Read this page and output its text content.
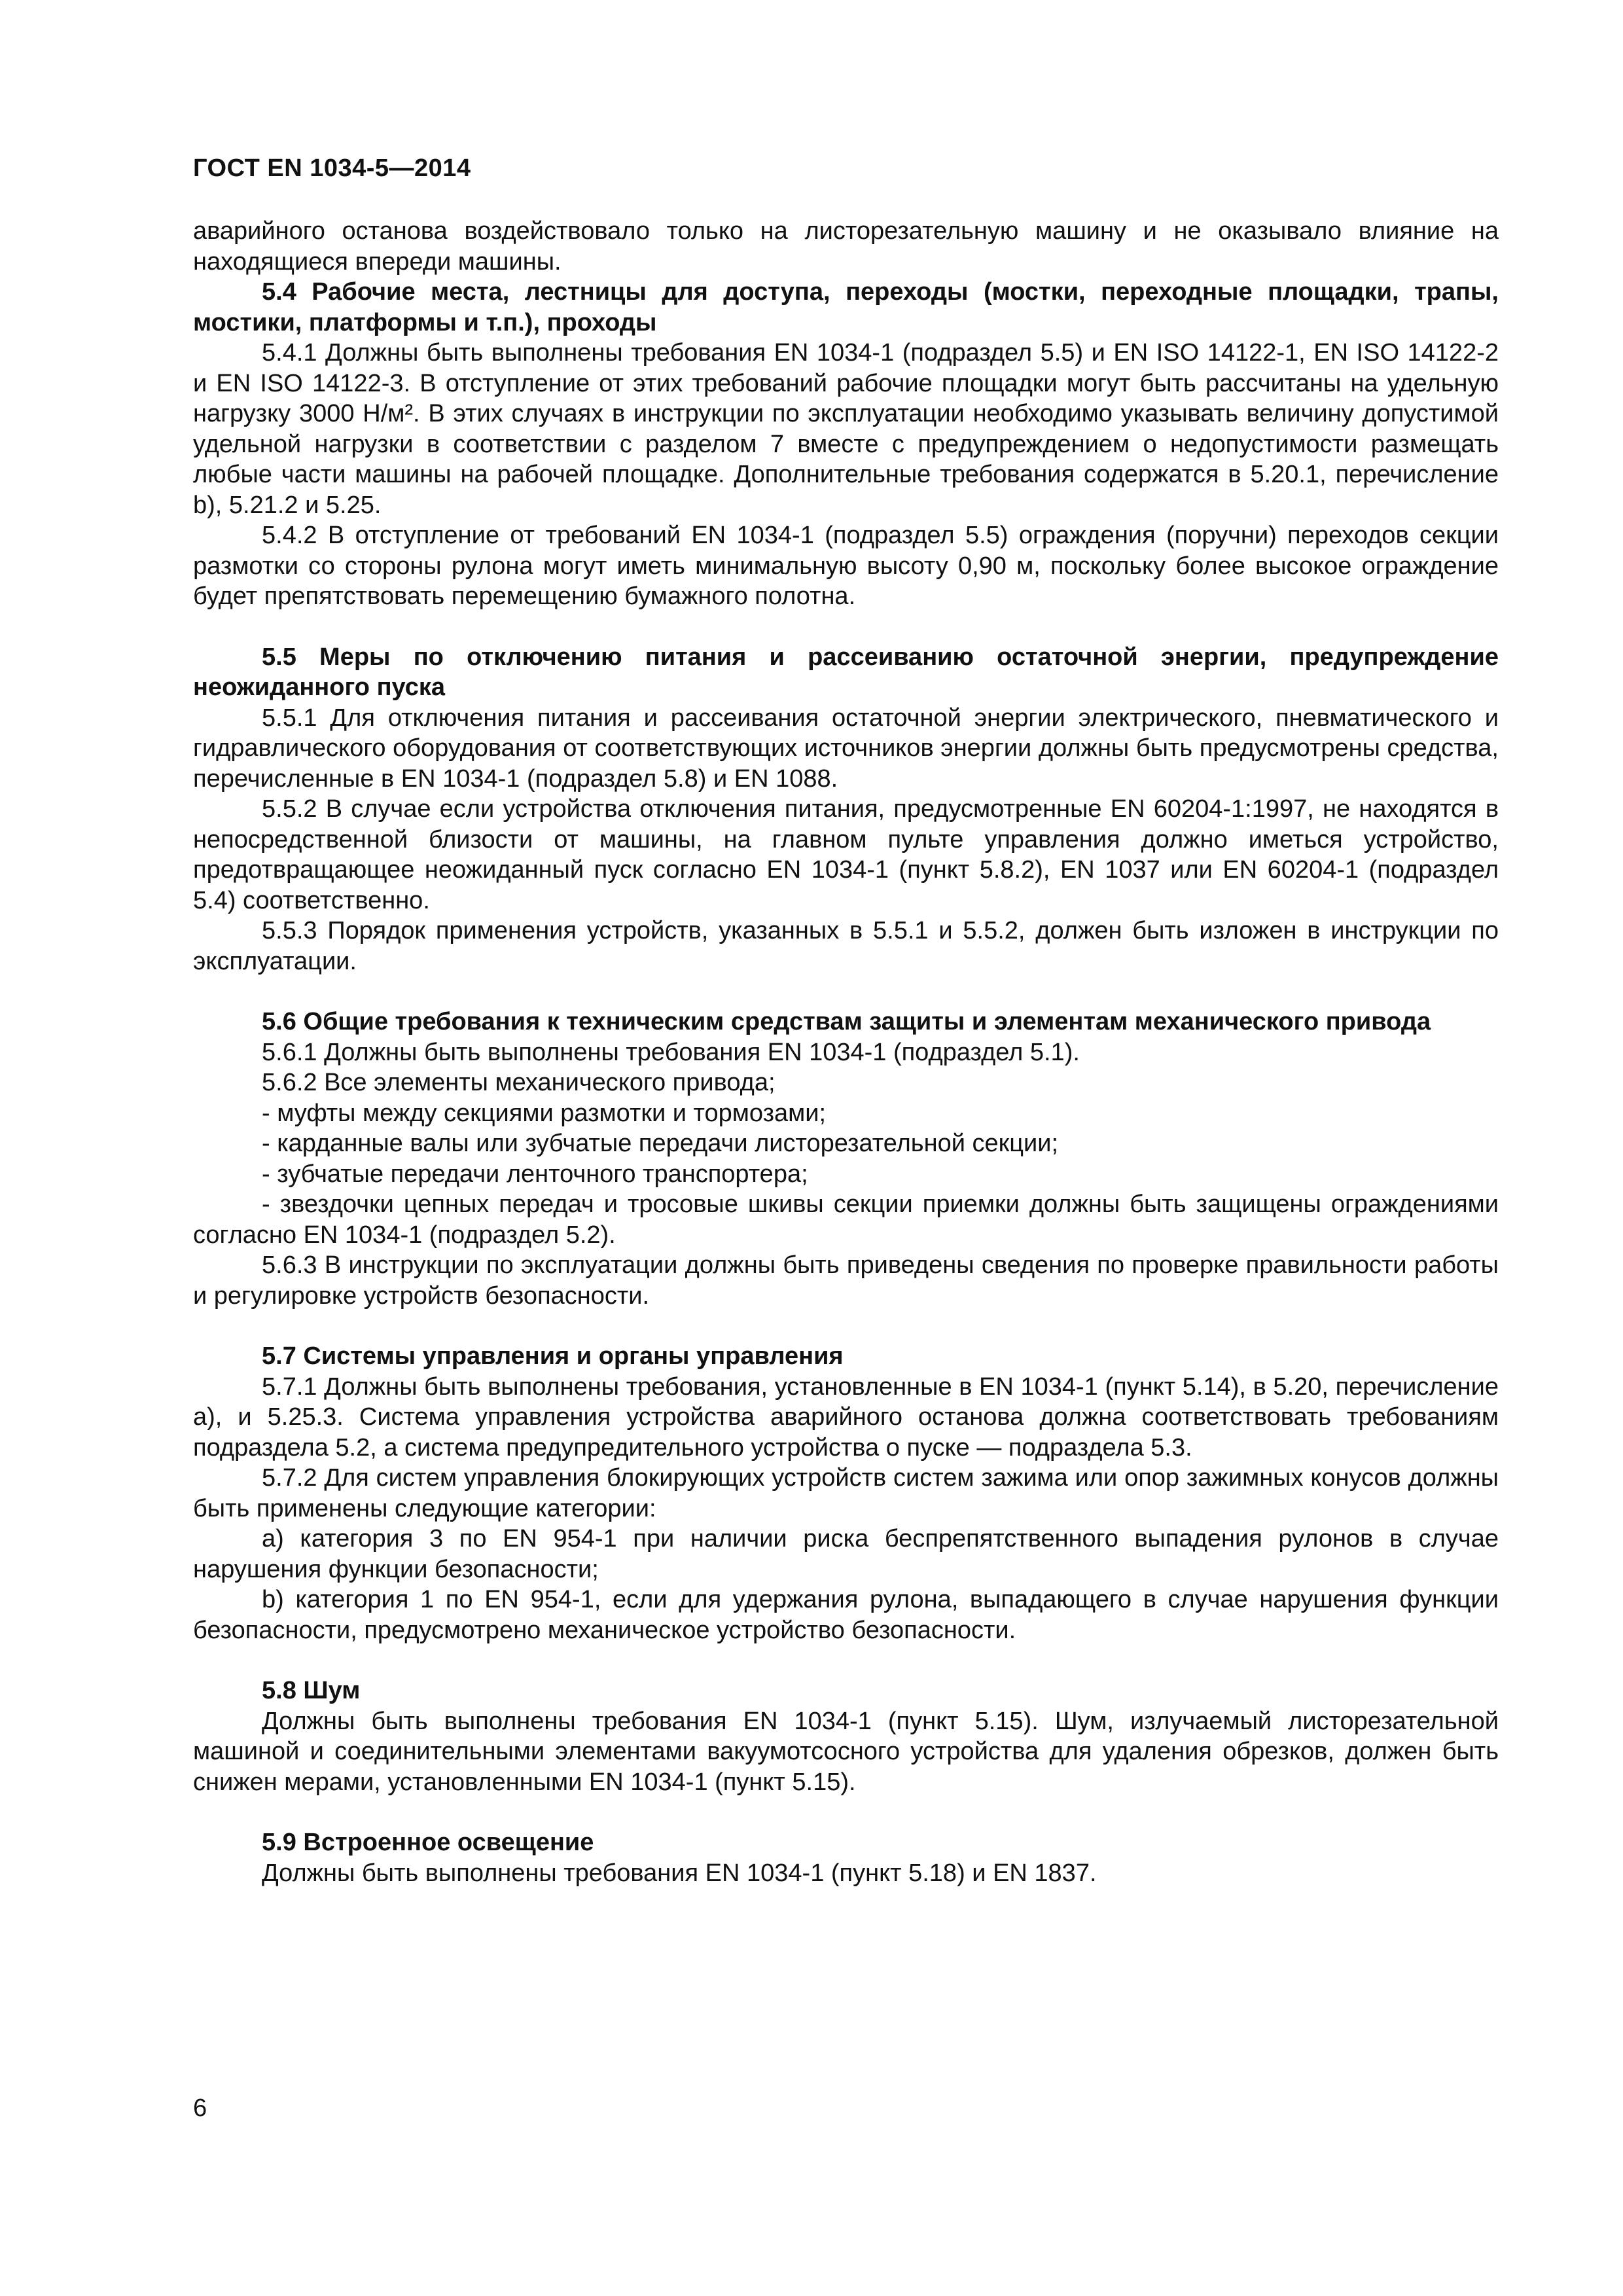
ГОСТ EN 1034-5—2014

аварийного останова воздействовало только на листорезательную машину и не оказывало влияние на находящиеся впереди машины.

5.4 Рабочие места, лестницы для доступа, переходы (мостки, переходные площадки, трапы, мостики, платформы и т.п.), проходы

5.4.1 Должны быть выполнены требования EN 1034-1 (подраздел 5.5) и EN ISO 14122-1, EN ISO 14122-2 и EN ISO 14122-3. В отступление от этих требований рабочие площадки могут быть рассчитаны на удельную нагрузку 3000 Н/м². В этих случаях в инструкции по эксплуатации необходимо указывать величину допустимой удельной нагрузки в соответствии с разделом 7 вместе с предупреждением о недопустимости размещать любые части машины на рабочей площадке. Дополнительные требования содержатся в 5.20.1, перечисление b), 5.21.2 и 5.25.

5.4.2 В отступление от требований EN 1034-1 (подраздел 5.5) ограждения (поручни) переходов секции размотки со стороны рулона могут иметь минимальную высоту 0,90 м, поскольку более высокое ограждение будет препятствовать перемещению бумажного полотна.

5.5 Меры по отключению питания и рассеиванию остаточной энергии, предупреждение неожиданного пуска

5.5.1 Для отключения питания и рассеивания остаточной энергии электрического, пневматического и гидравлического оборудования от соответствующих источников энергии должны быть предусмотрены средства, перечисленные в EN 1034-1 (подраздел 5.8) и EN 1088.

5.5.2 В случае если устройства отключения питания, предусмотренные EN 60204-1:1997, не находятся в непосредственной близости от машины, на главном пульте управления должно иметься устройство, предотвращающее неожиданный пуск согласно EN 1034-1 (пункт 5.8.2), EN 1037 или EN 60204-1 (подраздел 5.4) соответственно.

5.5.3 Порядок применения устройств, указанных в 5.5.1 и 5.5.2, должен быть изложен в инструкции по эксплуатации.

5.6 Общие требования к техническим средствам защиты и элементам механического привода

5.6.1 Должны быть выполнены требования EN 1034-1 (подраздел 5.1).

5.6.2 Все элементы механического привода;

- муфты между секциями размотки и тормозами;

- карданные валы или зубчатые передачи листорезательной секции;

- зубчатые передачи ленточного транспортера;

- звездочки цепных передач и тросовые шкивы секции приемки должны быть защищены ограждениями согласно EN 1034-1 (подраздел 5.2).

5.6.3 В инструкции по эксплуатации должны быть приведены сведения по проверке правильности работы и регулировке устройств безопасности.

5.7 Системы управления и органы управления

5.7.1 Должны быть выполнены требования, установленные в EN 1034-1 (пункт 5.14), в 5.20, перечисление a), и 5.25.3. Система управления устройства аварийного останова должна соответствовать требованиям подраздела 5.2, а система предупредительного устройства о пуске — подраздела 5.3.

5.7.2 Для систем управления блокирующих устройств систем зажима или опор зажимных конусов должны быть применены следующие категории:

a) категория 3 по EN 954-1 при наличии риска беспрепятственного выпадения рулонов в случае нарушения функции безопасности;

b) категория 1 по EN 954-1, если для удержания рулона, выпадающего в случае нарушения функции безопасности, предусмотрено механическое устройство безопасности.

5.8 Шум

Должны быть выполнены требования EN 1034-1 (пункт 5.15). Шум, излучаемый листорезательной машиной и соединительными элементами вакуумотсосного устройства для удаления обрезков, должен быть снижен мерами, установленными EN 1034-1 (пункт 5.15).

5.9 Встроенное освещение

Должны быть выполнены требования EN 1034-1 (пункт 5.18) и EN 1837.

6
